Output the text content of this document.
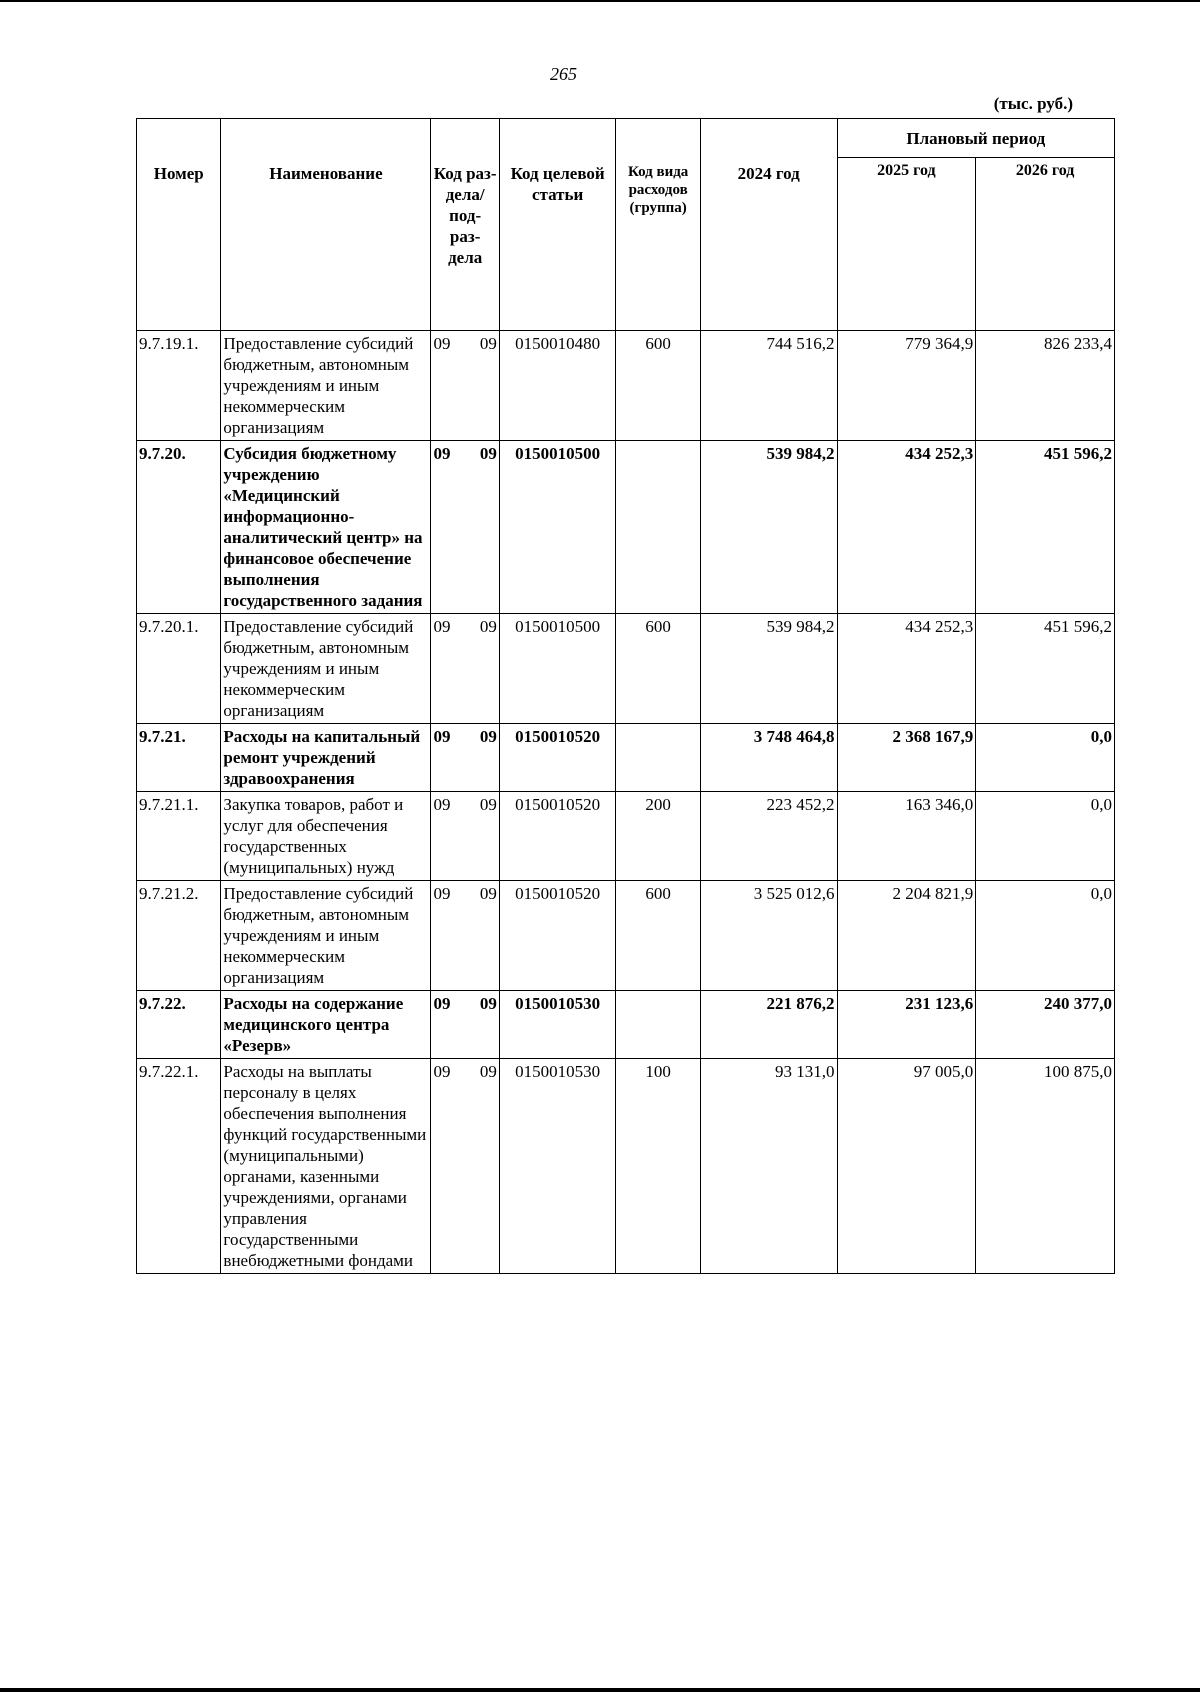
265
(тыс. руб.)
Номер	Наименование	Код раз- дела/ под- раз- дела	Код целевой статьи	Код вида расходов (группа)	2024 год	Плановый период	
						2025 год	2026 год
9.7.19.1.	Предоставление субсидий бюджетным, автономным учреждениям и иным некоммерческим организациям	09 09	0150010480	600	744 516,2	779 364,9	826 233,4
9.7.20.	Субсидия бюджетному учреждению «Медицинский информационно-аналитический центр» на финансовое обеспечение выполнения государственного задания	09 09	0150010500		539 984,2	434 252,3	451 596,2
9.7.20.1.	Предоставление субсидий бюджетным, автономным учреждениям и иным некоммерческим организациям	09 09	0150010500	600	539 984,2	434 252,3	451 596,2
9.7.21.	Расходы на капитальный ремонт учреждений здравоохранения	09 09	0150010520		3 748 464,8	2 368 167,9	0,0
9.7.21.1.	Закупка товаров, работ и услуг для обеспечения государственных (муниципальных) нужд	09 09	0150010520	200	223 452,2	163 346,0	0,0
9.7.21.2.	Предоставление субсидий бюджетным, автономным учреждениям и иным некоммерческим организациям	09 09	0150010520	600	3 525 012,6	2 204 821,9	0,0
9.7.22.	Расходы на содержание медицинского центра «Резерв»	09 09	0150010530		221 876,2	231 123,6	240 377,0
9.7.22.1.	Расходы на выплаты персоналу в целях обеспечения выполнения функций государственными (муниципальными) органами, казенными учреждениями, органами управления государственными внебюджетными фондами	09 09	0150010530	100	93 131,0	97 005,0	100 875,0
